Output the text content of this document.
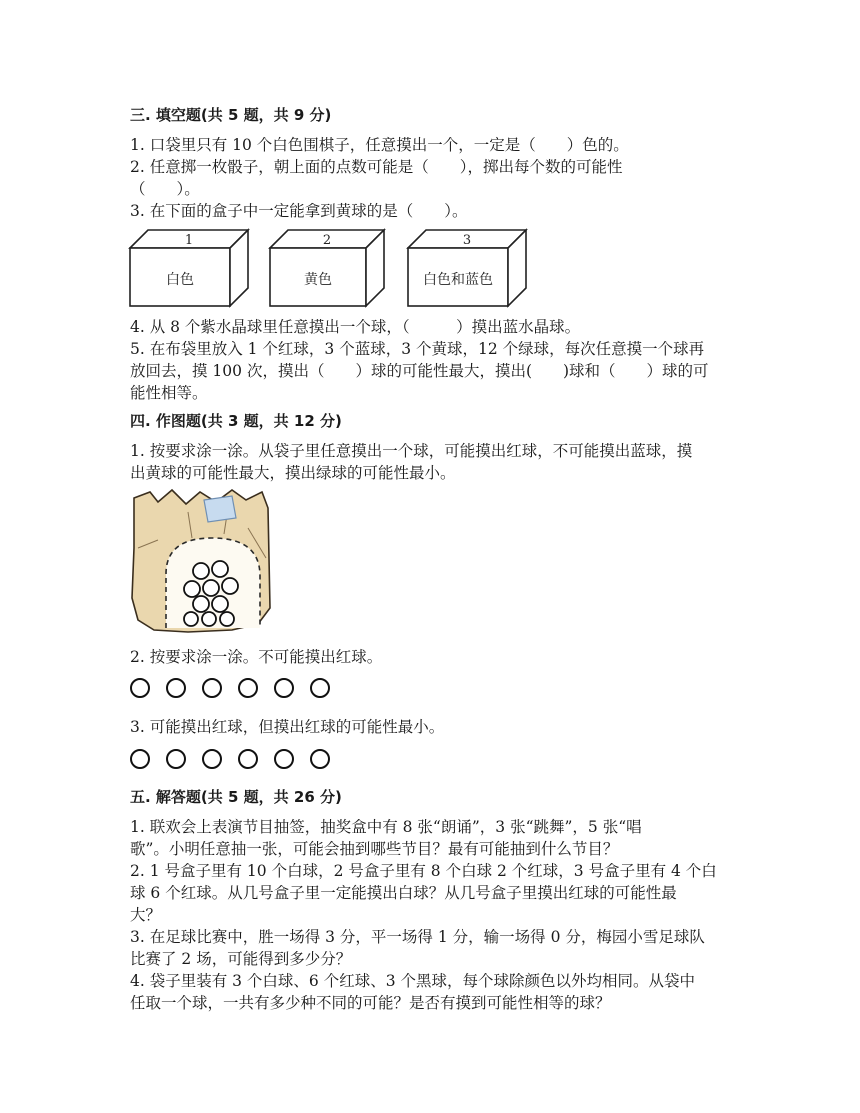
三. 填空题(共 5 题，共 9 分)
1. 口袋里只有 10 个白色围棋子，任意摸出一个，一定是（　　）色的。
2. 任意掷一枚骰子，朝上面的点数可能是（　　），掷出每个数的可能性
（　　）。
3. 在下面的盒子中一定能拿到黄球的是（　　）。
1	2	3
白色	黄色	白色和蓝色
4. 从 8 个紫水晶球里任意摸出一个球，（　　　）摸出蓝水晶球。
5. 在布袋里放入 1 个红球，3 个蓝球，3 个黄球，12 个绿球，每次任意摸一个球再
放回去，摸 100 次，摸出（　　）球的可能性最大，摸出(　　)球和（　　）球的可
能性相等。
四. 作图题(共 3 题，共 12 分)
1. 按要求涂一涂。从袋子里任意摸出一个球，可能摸出红球，不可能摸出蓝球，摸
出黄球的可能性最大，摸出绿球的可能性最小。
2. 按要求涂一涂。不可能摸出红球。
3. 可能摸出红球，但摸出红球的可能性最小。
五. 解答题(共 5 题，共 26 分)
1. 联欢会上表演节目抽签，抽奖盒中有 8 张“朗诵”，3 张“跳舞”，5 张“唱
歌”。小明任意抽一张，可能会抽到哪些节目？最有可能抽到什么节目？
2. 1 号盒子里有 10 个白球，2 号盒子里有 8 个白球 2 个红球，3 号盒子里有 4 个白
球 6 个红球。从几号盒子里一定能摸出白球？从几号盒子里摸出红球的可能性最
大？
3. 在足球比赛中，胜一场得 3 分，平一场得 1 分，输一场得 0 分，梅园小雪足球队
比赛了 2 场，可能得到多少分？
4. 袋子里装有 3 个白球、6 个红球、3 个黑球，每个球除颜色以外均相同。从袋中
任取一个球，一共有多少种不同的可能？是否有摸到可能性相等的球？
